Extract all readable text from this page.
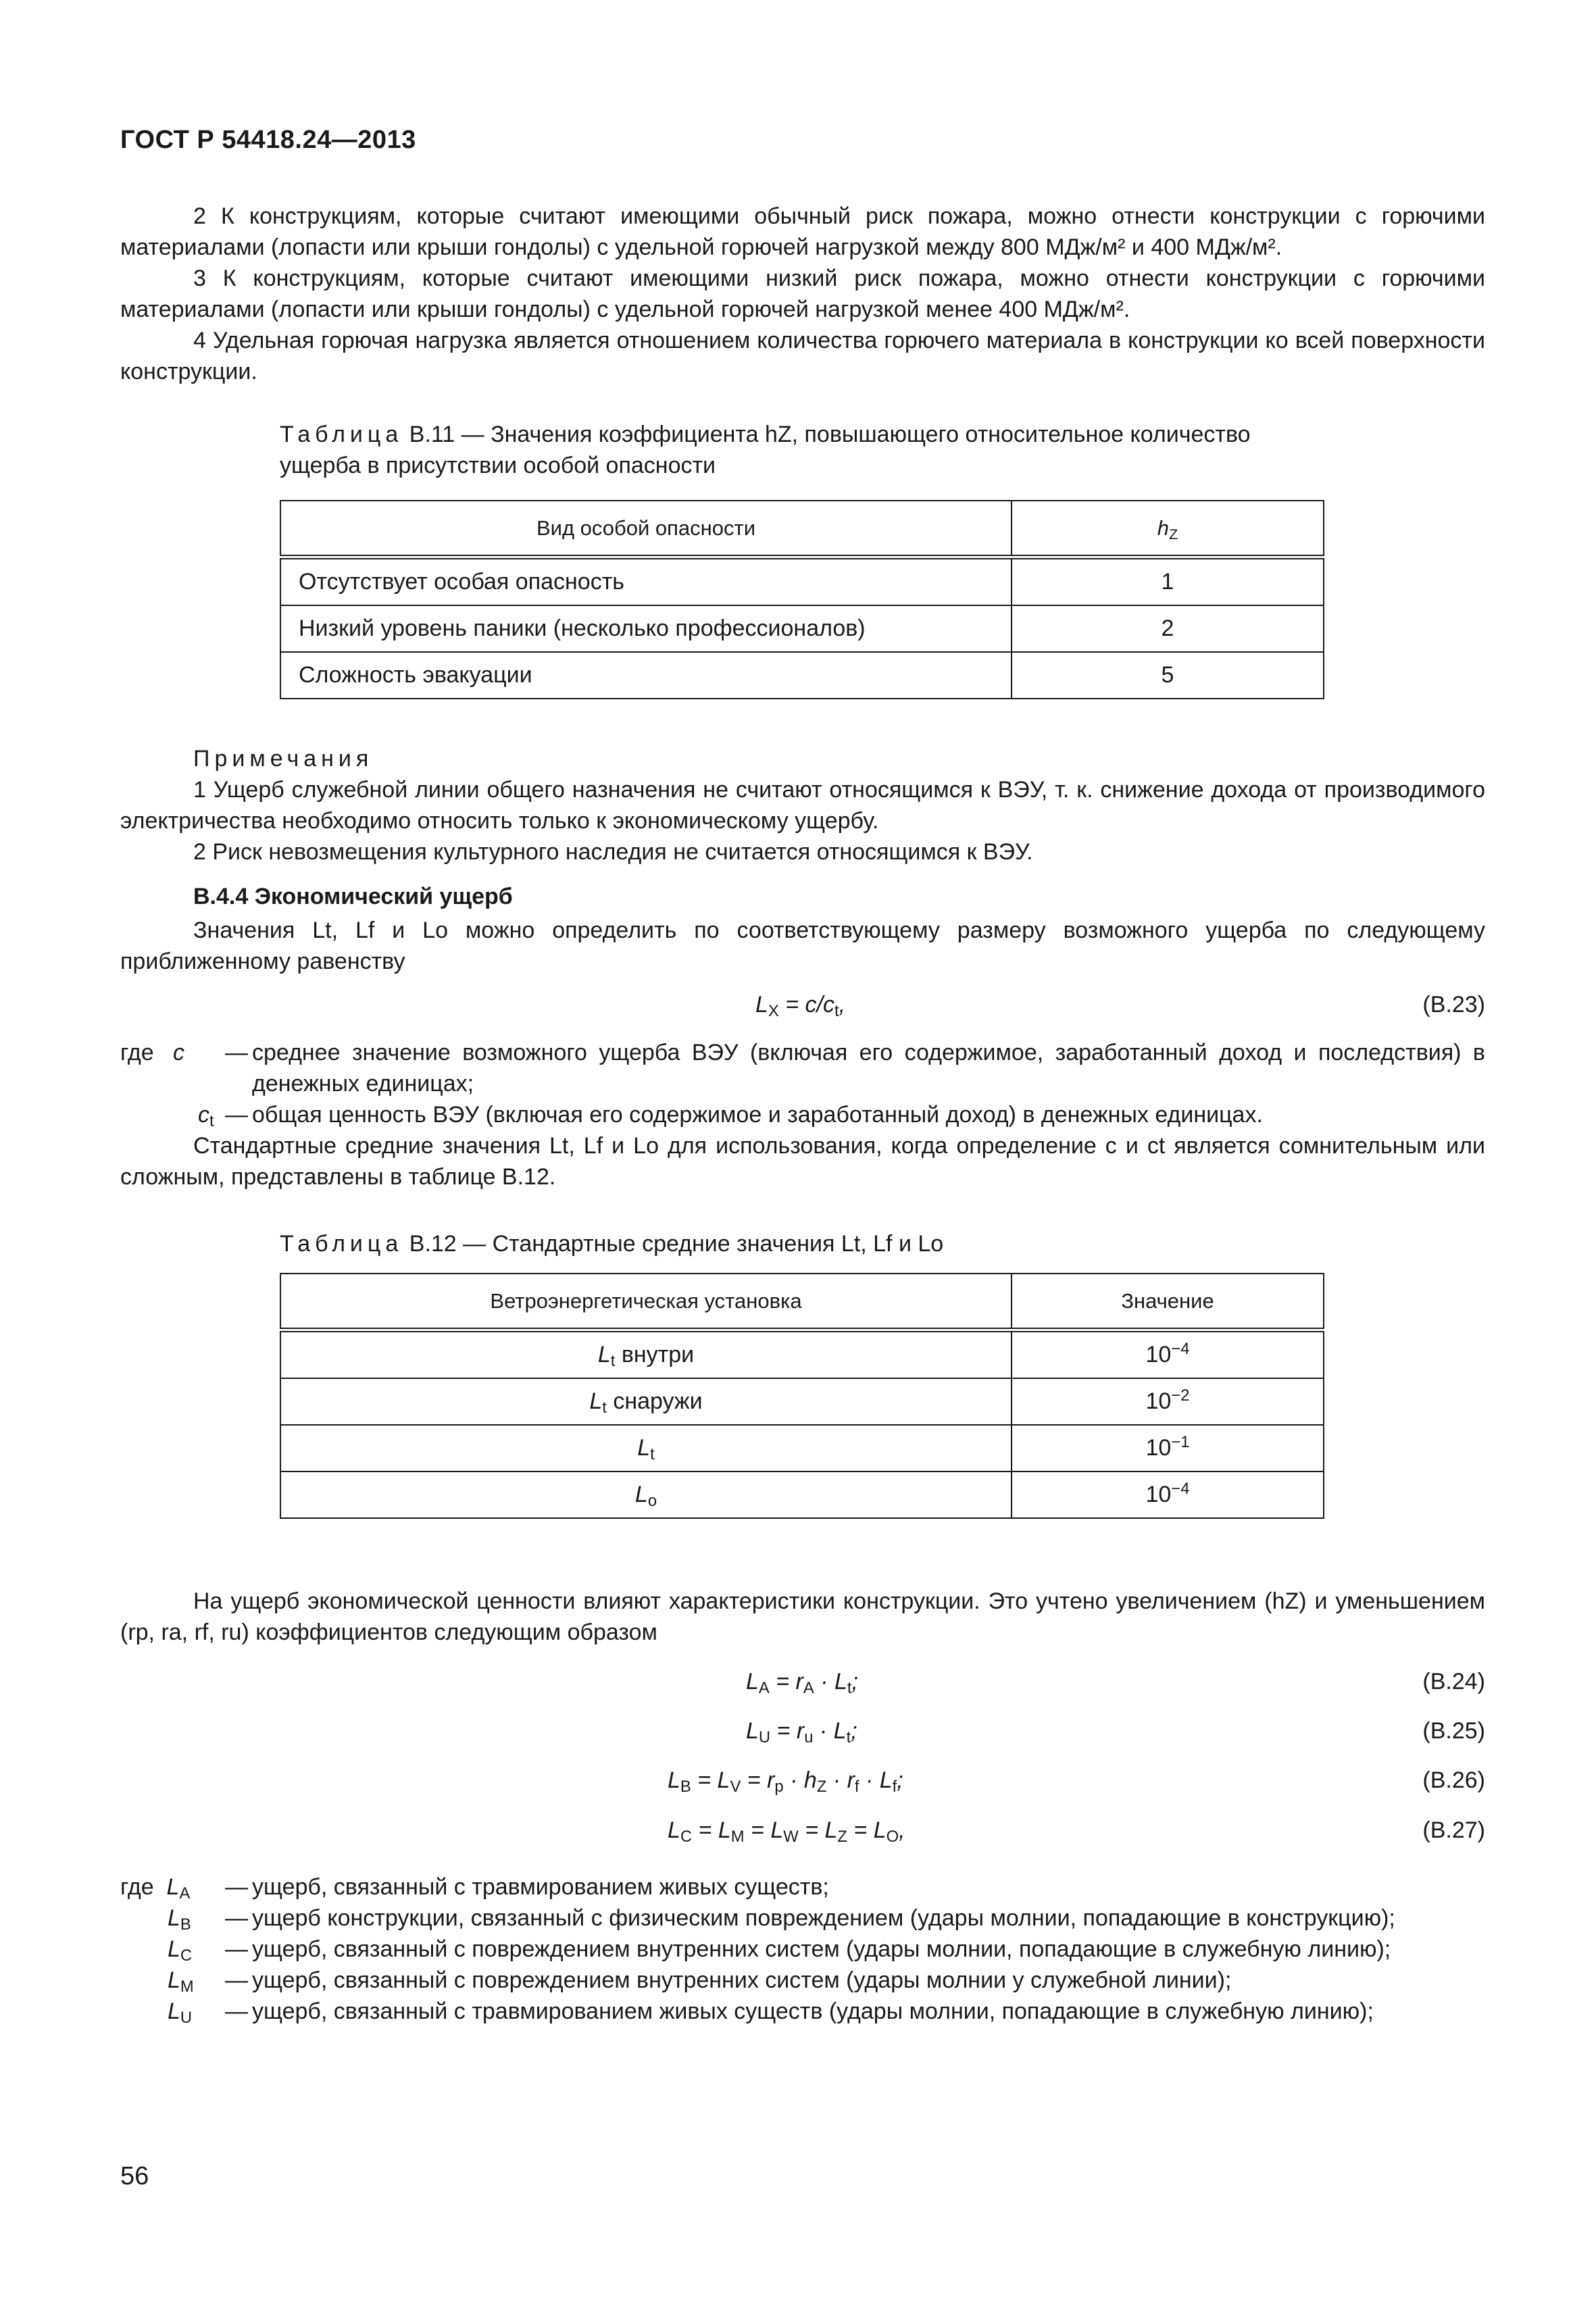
ГОСТ Р 54418.24—2013
2 К конструкциям, которые считают имеющими обычный риск пожара, можно отнести конструкции с горючими материалами (лопасти или крыши гондолы) с удельной горючей нагрузкой между 800 МДж/м² и 400 МДж/м².
3 К конструкциям, которые считают имеющими низкий риск пожара, можно отнести конструкции с горючими материалами (лопасти или крыши гондолы) с удельной горючей нагрузкой менее 400 МДж/м².
4 Удельная горючая нагрузка является отношением количества горючего материала в конструкции ко всей поверхности конструкции.
Таблица В.11 — Значения коэффициента hZ, повышающего относительное количество ущерба в присутствии особой опасности
Вид особой опасности	$h_Z$
Отсутствует особая опасность	1
Низкий уровень паники (несколько профессионалов)	2
Сложность эвакуации	5
Примечания
1 Ущерб служебной линии общего назначения не считают относящимся к ВЭУ, т. к. снижение дохода от производимого электричества необходимо относить только к экономическому ущербу.
2 Риск невозмещения культурного наследия не считается относящимся к ВЭУ.
В.4.4 Экономический ущерб
Значения Lt, Lf и Lo можно определить по соответствующему размеру возможного ущерба по следующему приближенному равенству
$L_X = c/c_t$,	(В.23)
где   c	— среднее значение возможного ущерба ВЭУ (включая его содержимое, заработанный доход и последствия) в денежных единицах;
$c_t$ — общая ценность ВЭУ (включая его содержимое и заработанный доход) в денежных единицах.
Стандартные средние значения Lt, Lf и Lo для использования, когда определение c и ct является сомнительным или сложным, представлены в таблице В.12.
Таблица В.12 — Стандартные средние значения Lt, Lf и Lo
Ветроэнергетическая установка	Значение
$L_t$ внутри	$10^{-4}$
$L_t$ снаружи	$10^{-2}$
$L_t$	$10^{-1}$
$L_o$	$10^{-4}$
На ущерб экономической ценности влияют характеристики конструкции. Это учтено увеличением (hZ) и уменьшением (rp, ra, rf, ru) коэффициентов следующим образом
$L_A = r_A \cdot L_t$;	(В.24)
$L_U = r_u \cdot L_t$;	(В.25)
$L_B = L_V = r_p \cdot h_Z \cdot r_f \cdot L_f$;	(В.26)
$L_C = L_M = L_W = L_Z = L_O$,	(В.27)
где  $L_A$	— ущерб, связанный с травмированием живых существ;
$L_B$	— ущерб конструкции, связанный с физическим повреждением (удары молнии, попадающие в конструкцию);
$L_C$	— ущерб, связанный с повреждением внутренних систем (удары молнии, попадающие в служебную линию);
$L_M$	— ущерб, связанный с повреждением внутренних систем (удары молнии у служебной линии);
$L_U$	— ущерб, связанный с травмированием живых существ (удары молнии, попадающие в служебную линию);
56
